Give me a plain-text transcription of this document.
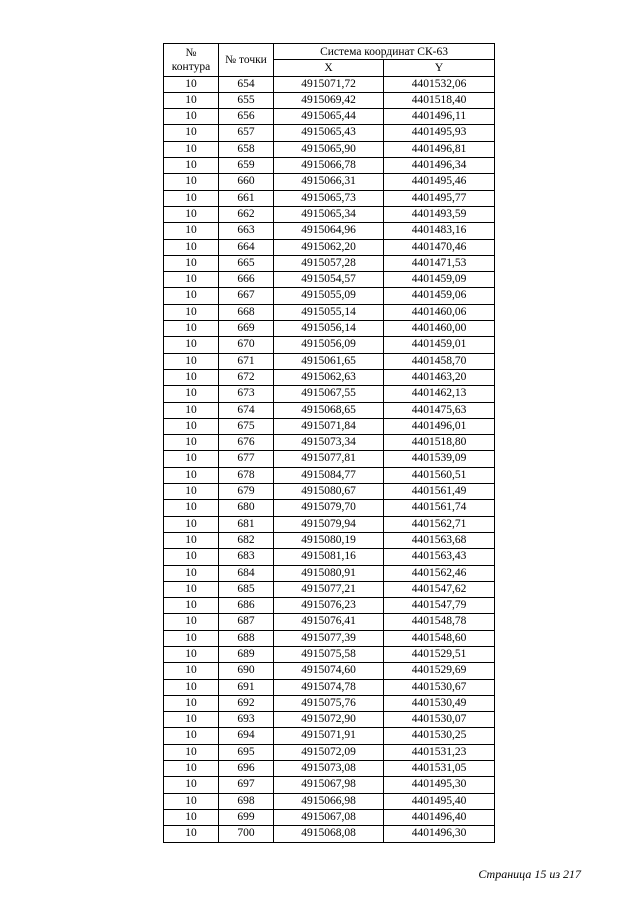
№
контура	№ точки	Система координат СК-63	
		X	Y
10	654	4915071,72	4401532,06
10	655	4915069,42	4401518,40
10	656	4915065,44	4401496,11
10	657	4915065,43	4401495,93
10	658	4915065,90	4401496,81
10	659	4915066,78	4401496,34
10	660	4915066,31	4401495,46
10	661	4915065,73	4401495,77
10	662	4915065,34	4401493,59
10	663	4915064,96	4401483,16
10	664	4915062,20	4401470,46
10	665	4915057,28	4401471,53
10	666	4915054,57	4401459,09
10	667	4915055,09	4401459,06
10	668	4915055,14	4401460,06
10	669	4915056,14	4401460,00
10	670	4915056,09	4401459,01
10	671	4915061,65	4401458,70
10	672	4915062,63	4401463,20
10	673	4915067,55	4401462,13
10	674	4915068,65	4401475,63
10	675	4915071,84	4401496,01
10	676	4915073,34	4401518,80
10	677	4915077,81	4401539,09
10	678	4915084,77	4401560,51
10	679	4915080,67	4401561,49
10	680	4915079,70	4401561,74
10	681	4915079,94	4401562,71
10	682	4915080,19	4401563,68
10	683	4915081,16	4401563,43
10	684	4915080,91	4401562,46
10	685	4915077,21	4401547,62
10	686	4915076,23	4401547,79
10	687	4915076,41	4401548,78
10	688	4915077,39	4401548,60
10	689	4915075,58	4401529,51
10	690	4915074,60	4401529,69
10	691	4915074,78	4401530,67
10	692	4915075,76	4401530,49
10	693	4915072,90	4401530,07
10	694	4915071,91	4401530,25
10	695	4915072,09	4401531,23
10	696	4915073,08	4401531,05
10	697	4915067,98	4401495,30
10	698	4915066,98	4401495,40
10	699	4915067,08	4401496,40
10	700	4915068,08	4401496,30
Страница 15 из 217
